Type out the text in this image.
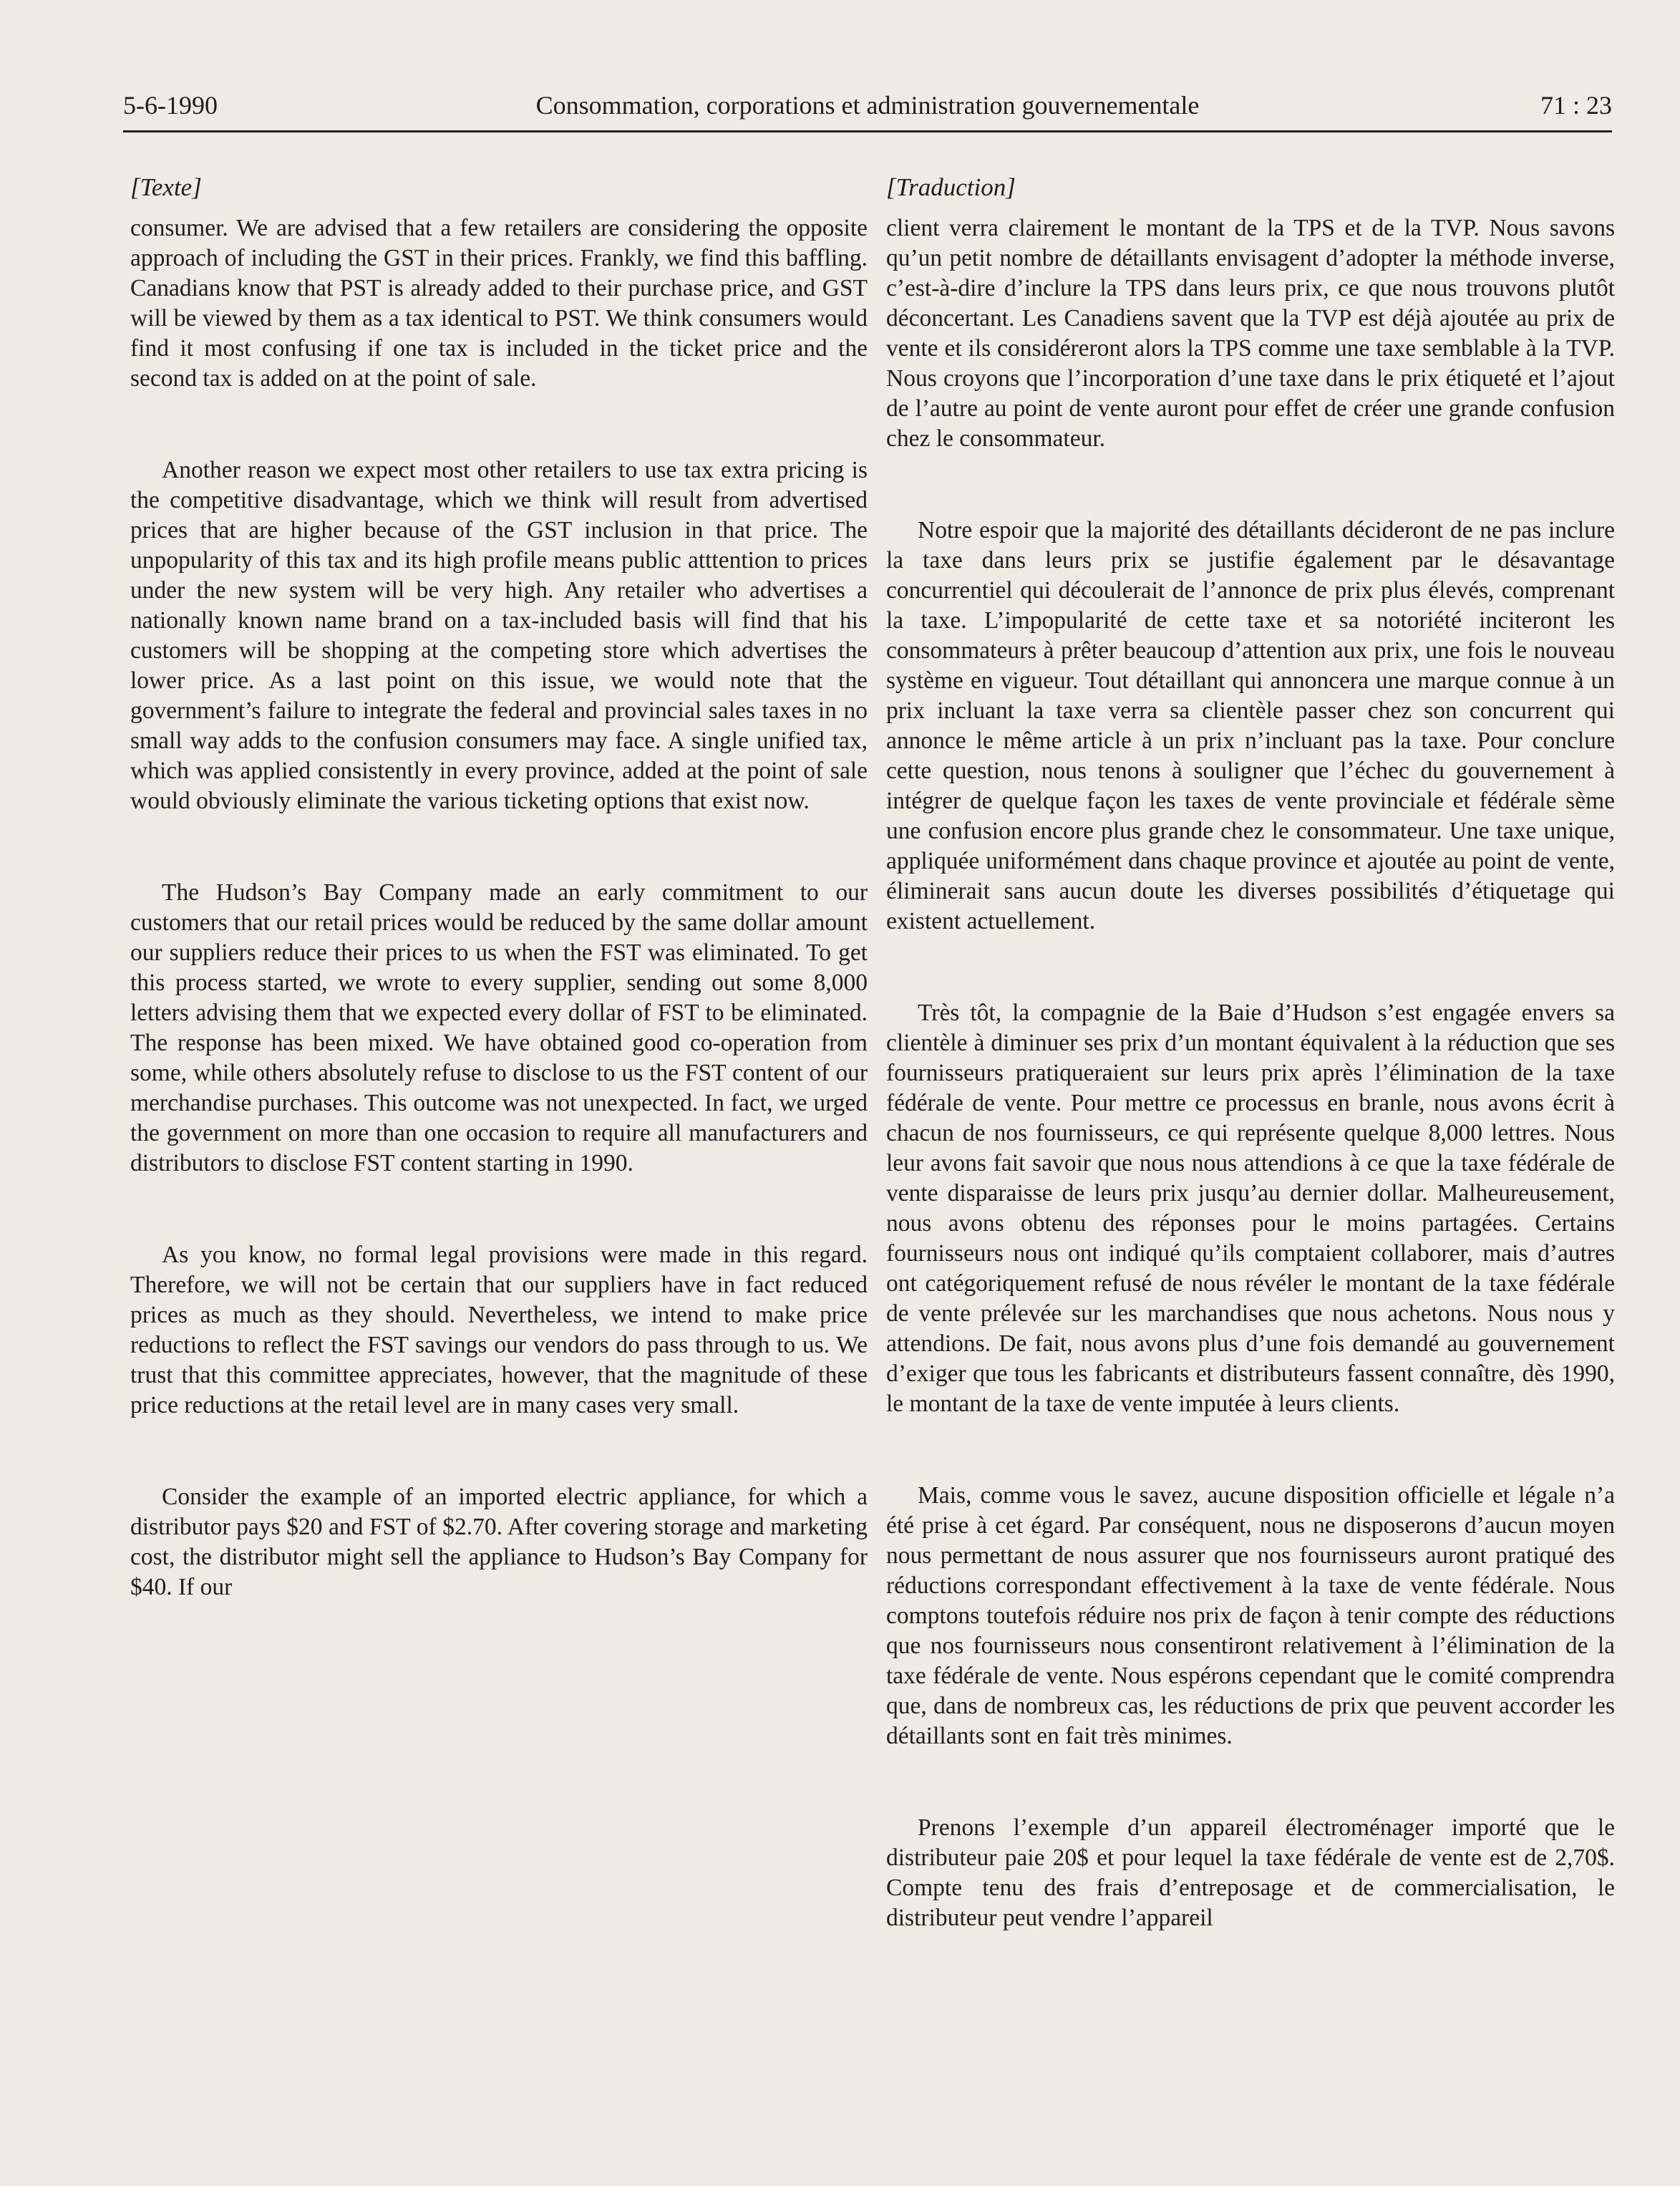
5-6-1990	Consommation, corporations et administration gouvernementale	71 : 23
[Texte]

consumer. We are advised that a few retailers are considering the opposite approach of including the GST in their prices. Frankly, we find this baffling. Canadians know that PST is already added to their purchase price, and GST will be viewed by them as a tax identical to PST. We think consumers would find it most confusing if one tax is included in the ticket price and the second tax is added on at the point of sale.

Another reason we expect most other retailers to use tax extra pricing is the competitive disadvantage, which we think will result from advertised prices that are higher because of the GST inclusion in that price. The unpopularity of this tax and its high profile means public atttention to prices under the new system will be very high. Any retailer who advertises a nationally known name brand on a tax-included basis will find that his customers will be shopping at the competing store which advertises the lower price. As a last point on this issue, we would note that the government’s failure to integrate the federal and provincial sales taxes in no small way adds to the confusion consumers may face. A single unified tax, which was applied consistently in every province, added at the point of sale would obviously eliminate the various ticketing options that exist now.

The Hudson’s Bay Company made an early commitment to our customers that our retail prices would be reduced by the same dollar amount our suppliers reduce their prices to us when the FST was eliminated. To get this process started, we wrote to every supplier, sending out some 8,000 letters advising them that we expected every dollar of FST to be eliminated. The response has been mixed. We have obtained good co-operation from some, while others absolutely refuse to disclose to us the FST content of our merchandise purchases. This outcome was not unexpected. In fact, we urged the government on more than one occasion to require all manufacturers and distributors to disclose FST content starting in 1990.

As you know, no formal legal provisions were made in this regard. Therefore, we will not be certain that our suppliers have in fact reduced prices as much as they should. Nevertheless, we intend to make price reductions to reflect the FST savings our vendors do pass through to us. We trust that this committee appreciates, however, that the magnitude of these price reductions at the retail level are in many cases very small.

Consider the example of an imported electric appliance, for which a distributor pays $20 and FST of $2.70. After covering storage and marketing cost, the distributor might sell the appliance to Hudson’s Bay Company for $40. If our

[Traduction]

client verra clairement le montant de la TPS et de la TVP. Nous savons qu’un petit nombre de détaillants envisagent d’adopter la méthode inverse, c’est-à-dire d’inclure la TPS dans leurs prix, ce que nous trouvons plutôt déconcertant. Les Canadiens savent que la TVP est déjà ajoutée au prix de vente et ils considéreront alors la TPS comme une taxe semblable à la TVP. Nous croyons que l’incorporation d’une taxe dans le prix étiqueté et l’ajout de l’autre au point de vente auront pour effet de créer une grande confusion chez le consommateur.

Notre espoir que la majorité des détaillants décideront de ne pas inclure la taxe dans leurs prix se justifie également par le désavantage concurrentiel qui découlerait de l’annonce de prix plus élevés, comprenant la taxe. L’impopularité de cette taxe et sa notoriété inciteront les consommateurs à prêter beaucoup d’attention aux prix, une fois le nouveau système en vigueur. Tout détaillant qui annoncera une marque connue à un prix incluant la taxe verra sa clientèle passer chez son concurrent qui annonce le même article à un prix n’incluant pas la taxe. Pour conclure cette question, nous tenons à souligner que l’échec du gouvernement à intégrer de quelque façon les taxes de vente provinciale et fédérale sème une confusion encore plus grande chez le consommateur. Une taxe unique, appliquée uniformément dans chaque province et ajoutée au point de vente, éliminerait sans aucun doute les diverses possibilités d’étiquetage qui existent actuellement.

Très tôt, la compagnie de la Baie d’Hudson s’est engagée envers sa clientèle à diminuer ses prix d’un montant équivalent à la réduction que ses fournisseurs pratiqueraient sur leurs prix après l’élimination de la taxe fédérale de vente. Pour mettre ce processus en branle, nous avons écrit à chacun de nos fournisseurs, ce qui représente quelque 8,000 lettres. Nous leur avons fait savoir que nous nous attendions à ce que la taxe fédérale de vente disparaisse de leurs prix jusqu’au dernier dollar. Malheureusement, nous avons obtenu des réponses pour le moins partagées. Certains fournisseurs nous ont indiqué qu’ils comptaient collaborer, mais d’autres ont catégoriquement refusé de nous révéler le montant de la taxe fédérale de vente prélevée sur les marchandises que nous achetons. Nous nous y attendions. De fait, nous avons plus d’une fois demandé au gouvernement d’exiger que tous les fabricants et distributeurs fassent connaître, dès 1990, le montant de la taxe de vente imputée à leurs clients.

Mais, comme vous le savez, aucune disposition officielle et légale n’a été prise à cet égard. Par conséquent, nous ne disposerons d’aucun moyen nous permettant de nous assurer que nos fournisseurs auront pratiqué des réductions correspondant effectivement à la taxe de vente fédérale. Nous comptons toutefois réduire nos prix de façon à tenir compte des réductions que nos fournisseurs nous consentiront relativement à l’élimination de la taxe fédérale de vente. Nous espérons cependant que le comité comprendra que, dans de nombreux cas, les réductions de prix que peuvent accorder les détaillants sont en fait très minimes.

Prenons l’exemple d’un appareil électroménager importé que le distributeur paie 20$ et pour lequel la taxe fédérale de vente est de 2,70$. Compte tenu des frais d’entreposage et de commercialisation, le distributeur peut vendre l’appareil
